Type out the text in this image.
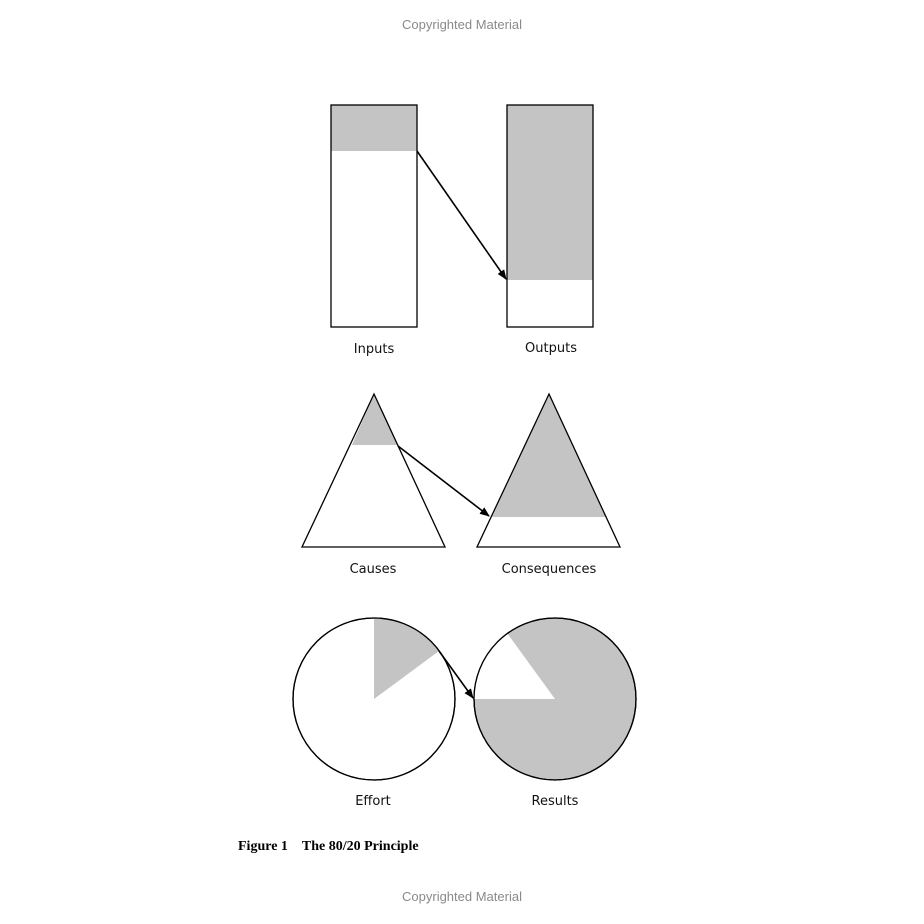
Copyrighted Material
Inputs	Outputs
Causes	Consequences
Effort	Results
Figure 1 The 80/20 Principle
Copyrighted Material
